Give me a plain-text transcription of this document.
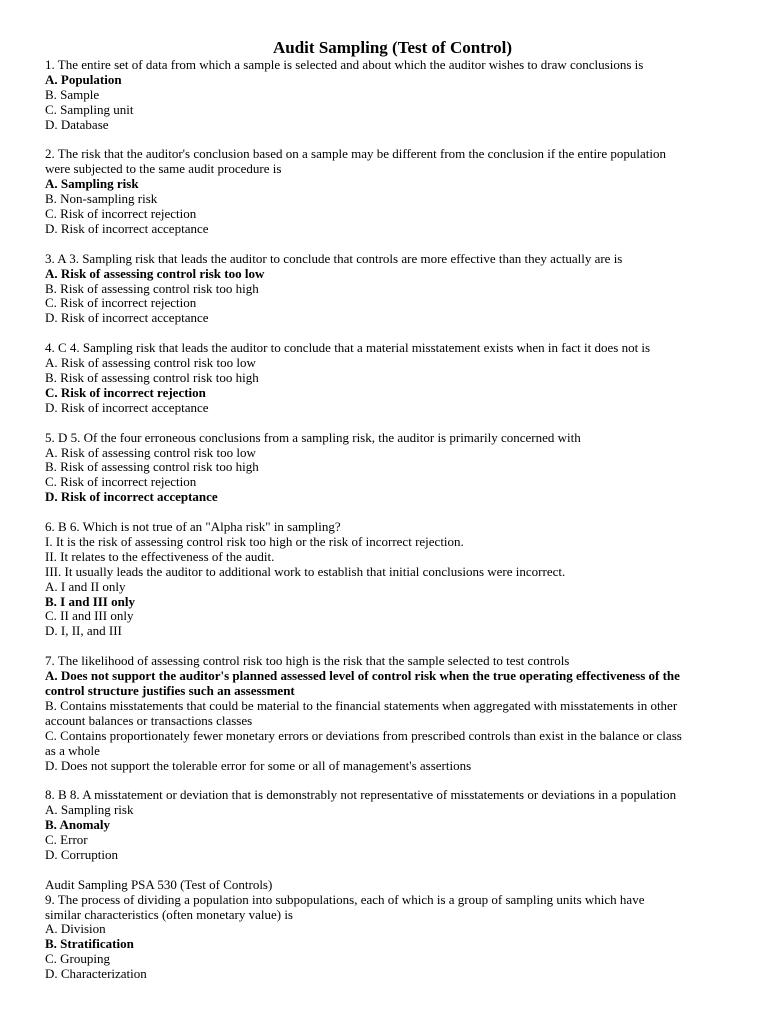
Audit Sampling (Test of Control)
1. The entire set of data from which a sample is selected and about which the auditor wishes to draw conclusions is
A. Population
B. Sample
C. Sampling unit
D. Database
2. The risk that the auditor's conclusion based on a sample may be different from the conclusion if the entire population
were subjected to the same audit procedure is
A. Sampling risk
B. Non-sampling risk
C. Risk of incorrect rejection
D. Risk of incorrect acceptance
3. A 3. Sampling risk that leads the auditor to conclude that controls are more effective than they actually are is
A. Risk of assessing control risk too low
B. Risk of assessing control risk too high
C. Risk of incorrect rejection
D. Risk of incorrect acceptance
4. C 4. Sampling risk that leads the auditor to conclude that a material misstatement exists when in fact it does not is
A. Risk of assessing control risk too low
B. Risk of assessing control risk too high
C. Risk of incorrect rejection
D. Risk of incorrect acceptance
5. D 5. Of the four erroneous conclusions from a sampling risk, the auditor is primarily concerned with
A. Risk of assessing control risk too low
B. Risk of assessing control risk too high
C. Risk of incorrect rejection
D. Risk of incorrect acceptance
6. B 6. Which is not true of an "Alpha risk" in sampling?
I. It is the risk of assessing control risk too high or the risk of incorrect rejection.
II. It relates to the effectiveness of the audit.
III. It usually leads the auditor to additional work to establish that initial conclusions were incorrect.
A. I and II only
B. I and III only
C. II and III only
D. I, II, and III
7. The likelihood of assessing control risk too high is the risk that the sample selected to test controls
A. Does not support the auditor's planned assessed level of control risk when the true operating effectiveness of the
control structure justifies such an assessment
B. Contains misstatements that could be material to the financial statements when aggregated with misstatements in other
account balances or transactions classes
C. Contains proportionately fewer monetary errors or deviations from prescribed controls than exist in the balance or class
as a whole
D. Does not support the tolerable error for some or all of management's assertions
8. B 8. A misstatement or deviation that is demonstrably not representative of misstatements or deviations in a population
A. Sampling risk
B. Anomaly
C. Error
D. Corruption
Audit Sampling PSA 530 (Test of Controls)
9. The process of dividing a population into subpopulations, each of which is a group of sampling units which have
similar characteristics (often monetary value) is
A. Division
B. Stratification
C. Grouping
D. Characterization
